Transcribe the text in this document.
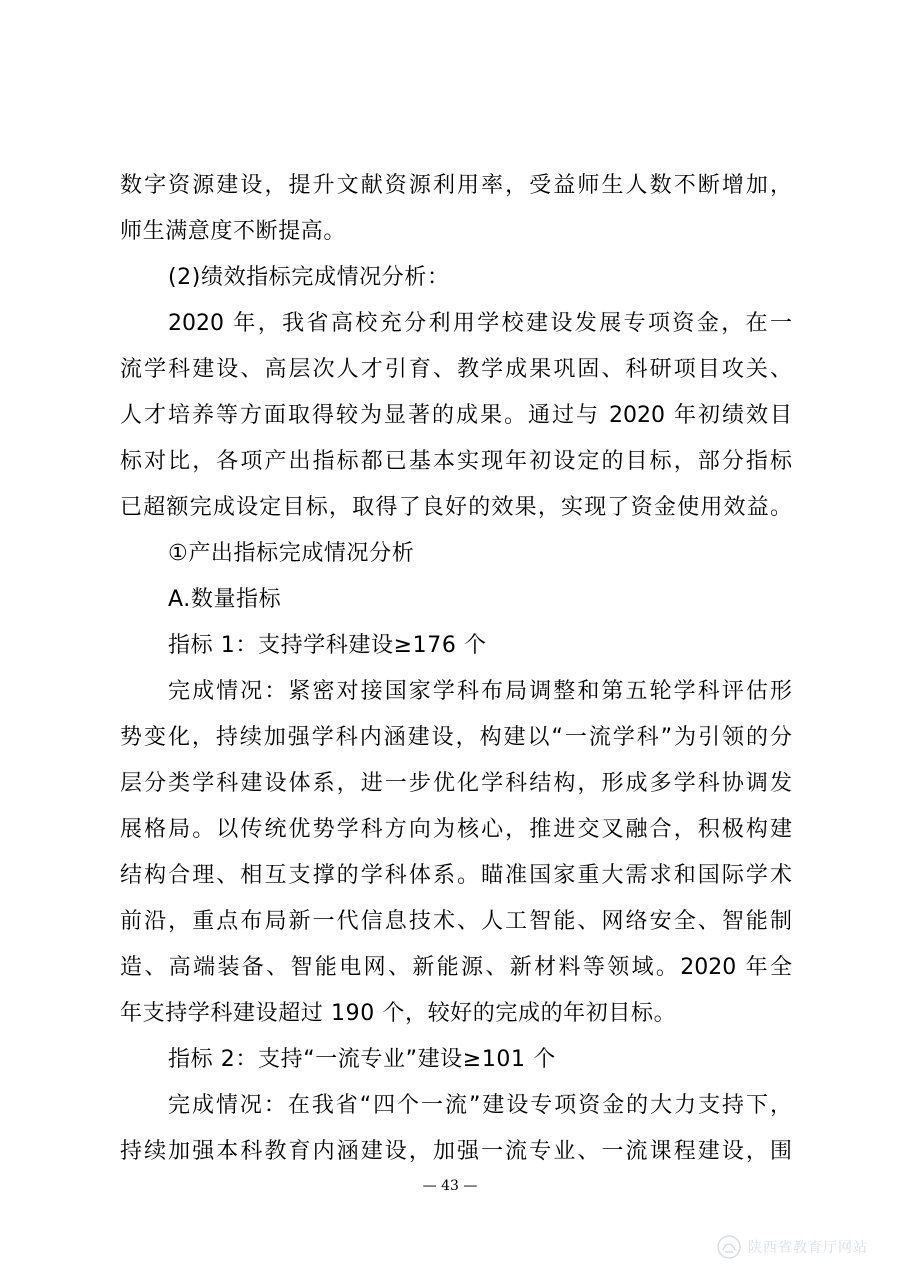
数字资源建设，提升文献资源利用率，受益师生人数不断增加，
师生满意度不断提高。
(2)绩效指标完成情况分析：
2020 年，我省高校充分利用学校建设发展专项资金，在一
流学科建设、高层次人才引育、教学成果巩固、科研项目攻关、
人才培养等方面取得较为显著的成果。通过与 2020 年初绩效目
标对比，各项产出指标都已基本实现年初设定的目标，部分指标
已超额完成设定目标，取得了良好的效果，实现了资金使用效益。
①产出指标完成情况分析
A.数量指标
指标 1：支持学科建设≥176 个
完成情况：紧密对接国家学科布局调整和第五轮学科评估形
势变化，持续加强学科内涵建设，构建以“一流学科”为引领的分
层分类学科建设体系，进一步优化学科结构，形成多学科协调发
展格局。以传统优势学科方向为核心，推进交叉融合，积极构建
结构合理、相互支撑的学科体系。瞄准国家重大需求和国际学术
前沿，重点布局新一代信息技术、人工智能、网络安全、智能制
造、高端装备、智能电网、新能源、新材料等领域。2020 年全
年支持学科建设超过 190 个，较好的完成的年初目标。
指标 2：支持“一流专业”建设≥101 个
完成情况：在我省“四个一流”建设专项资金的大力支持下，
持续加强本科教育内涵建设，加强一流专业、一流课程建设，围
— 43 —
陕西省教育厅网站
